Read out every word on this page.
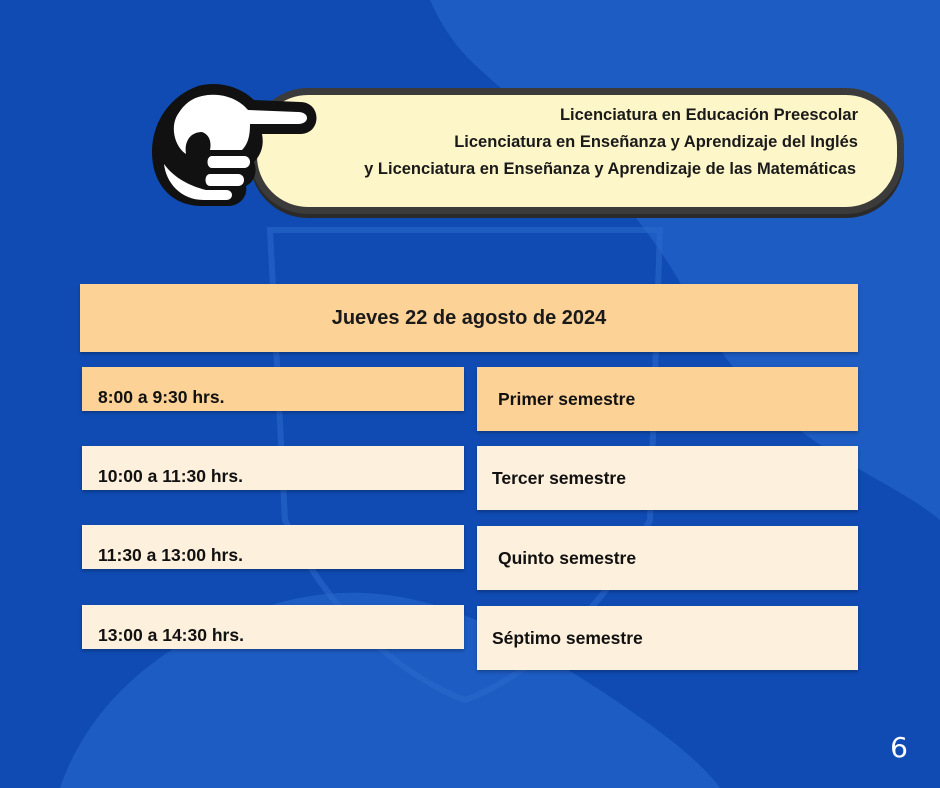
Licenciatura en Educación Preescolar
Licenciatura en Enseñanza y Aprendizaje del Inglés
y Licenciatura en Enseñanza y Aprendizaje de las Matemáticas
Jueves 22 de agosto de 2024
8:00 a 9:30 hrs.	Primer semestre
10:00 a 11:30 hrs.	Tercer semestre
11:30 a 13:00 hrs.	Quinto semestre
13:00 a 14:30 hrs.	Séptimo semestre
6
